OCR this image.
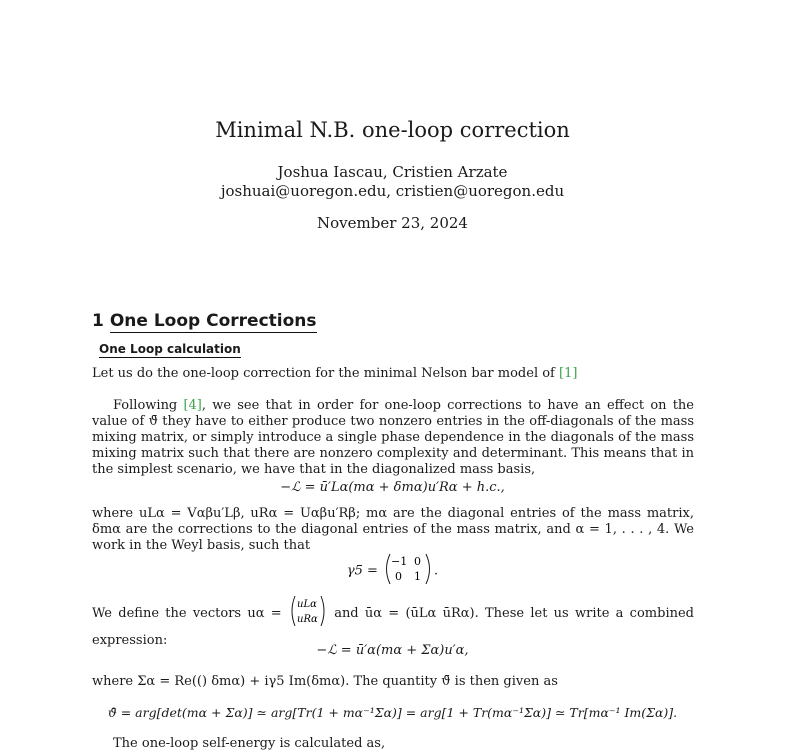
Minimal N.B. one-loop correction
Joshua Iascau, Cristien Arzate
joshuai@uoregon.edu, cristien@uoregon.edu
November 23, 2024
1 One Loop Corrections
One Loop calculation
Let us do the one-loop correction for the minimal Nelson bar model of [1]
Following [4], we see that in order for one-loop corrections to have an effect on the value of ϑ̄ they have to either produce two nonzero entries in the off-diagonals of the mass mixing matrix, or simply introduce a single phase dependence in the diagonals of the mass mixing matrix such that there are nonzero complexity and determinant. This means that in the simplest scenario, we have that in the diagonalized mass basis,
−ℒ = ū′Lα(mα + δmα)u′Rα + h.c.,
where uLα = Vαβu′Lβ, uRα = Uαβu′Rβ; mα are the diagonal entries of the mass matrix, δmα are the corrections to the diagonal entries of the mass matrix, and α = 1, . . . , 4. We work in the Weyl basis, such that
γ5 =
−1 0
0 1 .
We define the vectors uα =
uLα
uRα and ūα = (ūLα ūRα). These let us write a combined expression:
−ℒ = ū′α(mα + Σα)u′α,
where Σα = Re(() δmα) + iγ5 Im(δmα). The quantity ϑ̄ is then given as
ϑ̄ = arg[det(mα + Σα)] ≃ arg[Tr(1 + mα⁻¹Σα)] = arg[1 + Tr(mα⁻¹Σα)] ≃ Tr[mα⁻¹ Im(Σα)].
The one-loop self-energy is calculated as,
